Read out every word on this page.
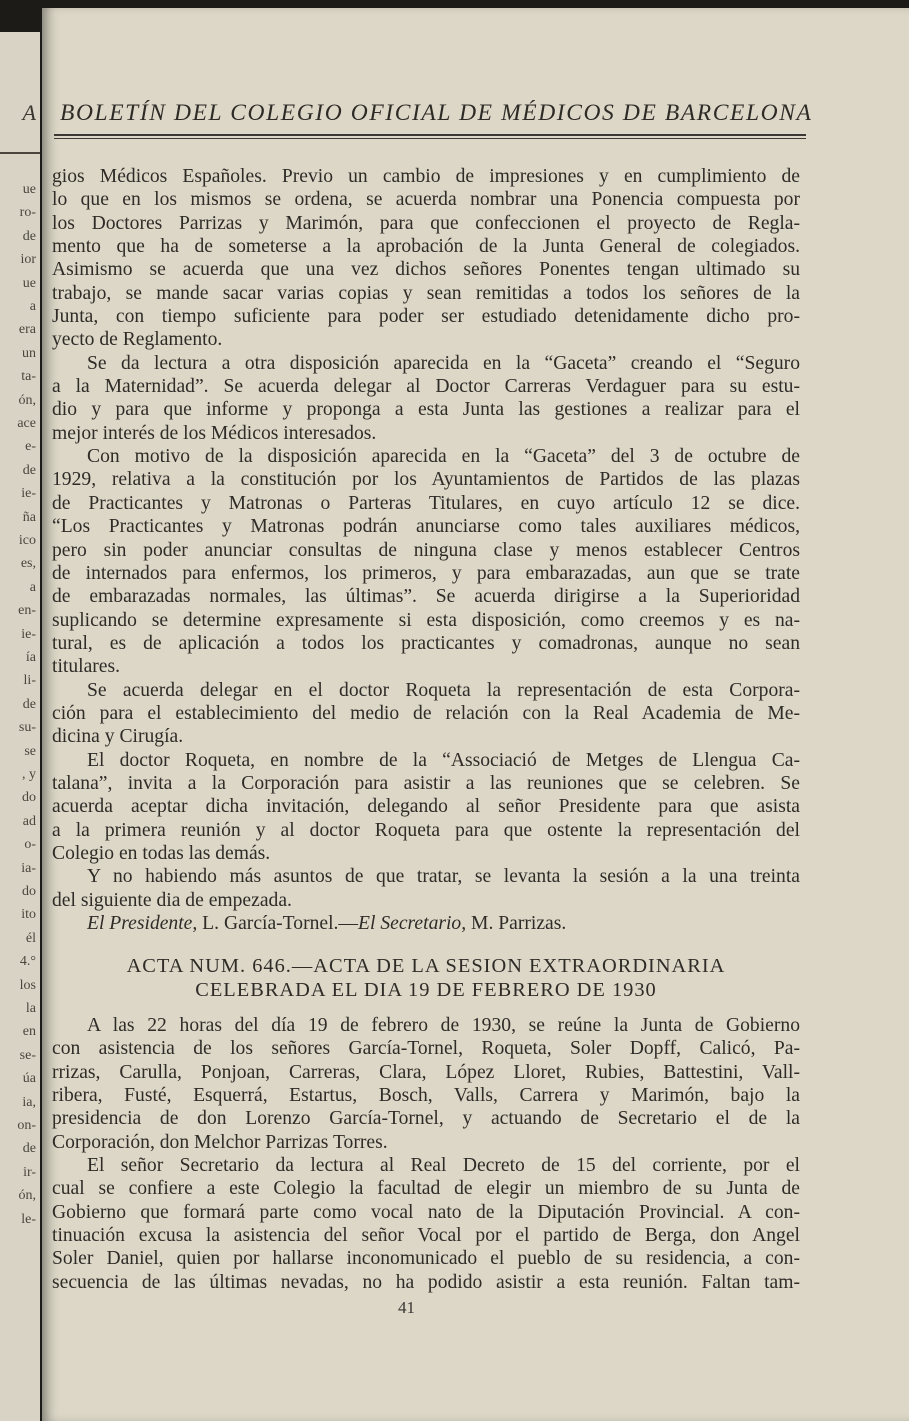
A
ue
ro-
de
ior
ue
a
era
un
ta-
ón,
ace
e-
de
ie-
ña
ico
es,
a
en-
ie-
ía
li-
de
su-
se
, y
do
ad
o-
ia-
do
ito
él
4.°
los
la
en
se-
úa
ia,
on-
de
ir-
ón,
le-
BOLETÍN DEL COLEGIO OFICIAL DE MÉDICOS DE BARCELONA
gios Médicos Españoles. Previo un cambio de impresiones y en cumplimiento de
lo que en los mismos se ordena, se acuerda nombrar una Ponencia compuesta por
los Doctores Parrizas y Marimón, para que confeccionen el proyecto de Regla-
mento que ha de someterse a la aprobación de la Junta General de colegiados.
Asimismo se acuerda que una vez dichos señores Ponentes tengan ultimado su
trabajo, se mande sacar varias copias y sean remitidas a todos los señores de la
Junta, con tiempo suficiente para poder ser estudiado detenidamente dicho pro-
yecto de Reglamento.
Se da lectura a otra disposición aparecida en la “Gaceta” creando el “Seguro
a la Maternidad”. Se acuerda delegar al Doctor Carreras Verdaguer para su estu-
dio y para que informe y proponga a esta Junta las gestiones a realizar para el
mejor interés de los Médicos interesados.
Con motivo de la disposición aparecida en la “Gaceta” del 3 de octubre de
1929, relativa a la constitución por los Ayuntamientos de Partidos de las plazas
de Practicantes y Matronas o Parteras Titulares, en cuyo artículo 12 se dice.
“Los Practicantes y Matronas podrán anunciarse como tales auxiliares médicos,
pero sin poder anunciar consultas de ninguna clase y menos establecer Centros
de internados para enfermos, los primeros, y para embarazadas, aun que se trate
de embarazadas normales, las últimas”. Se acuerda dirigirse a la Superioridad
suplicando se determine expresamente si esta disposición, como creemos y es na-
tural, es de aplicación a todos los practicantes y comadronas, aunque no sean
titulares.
Se acuerda delegar en el doctor Roqueta la representación de esta Corpora-
ción para el establecimiento del medio de relación con la Real Academia de Me-
dicina y Cirugía.
El doctor Roqueta, en nombre de la “Associació de Metges de Llengua Ca-
talana”, invita a la Corporación para asistir a las reuniones que se celebren. Se
acuerda aceptar dicha invitación, delegando al señor Presidente para que asista
a la primera reunión y al doctor Roqueta para que ostente la representación del
Colegio en todas las demás.
Y no habiendo más asuntos de que tratar, se levanta la sesión a la una treinta
del siguiente dia de empezada.
El Presidente, L. García-Tornel.—El Secretario, M. Parrizas.
ACTA NUM. 646.—ACTA DE LA SESION EXTRAORDINARIA
CELEBRADA EL DIA 19 DE FEBRERO DE 1930
A las 22 horas del día 19 de febrero de 1930, se reúne la Junta de Gobierno
con asistencia de los señores García-Tornel, Roqueta, Soler Dopff, Calicó, Pa-
rrizas, Carulla, Ponjoan, Carreras, Clara, López Lloret, Rubies, Battestini, Vall-
ribera, Fusté, Esquerrá, Estartus, Bosch, Valls, Carrera y Marimón, bajo la
presidencia de don Lorenzo García-Tornel, y actuando de Secretario el de la
Corporación, don Melchor Parrizas Torres.
El señor Secretario da lectura al Real Decreto de 15 del corriente, por el
cual se confiere a este Colegio la facultad de elegir un miembro de su Junta de
Gobierno que formará parte como vocal nato de la Diputación Provincial. A con-
tinuación excusa la asistencia del señor Vocal por el partido de Berga, don Angel
Soler Daniel, quien por hallarse inconomunicado el pueblo de su residencia, a con-
secuencia de las últimas nevadas, no ha podido asistir a esta reunión. Faltan tam-
41
